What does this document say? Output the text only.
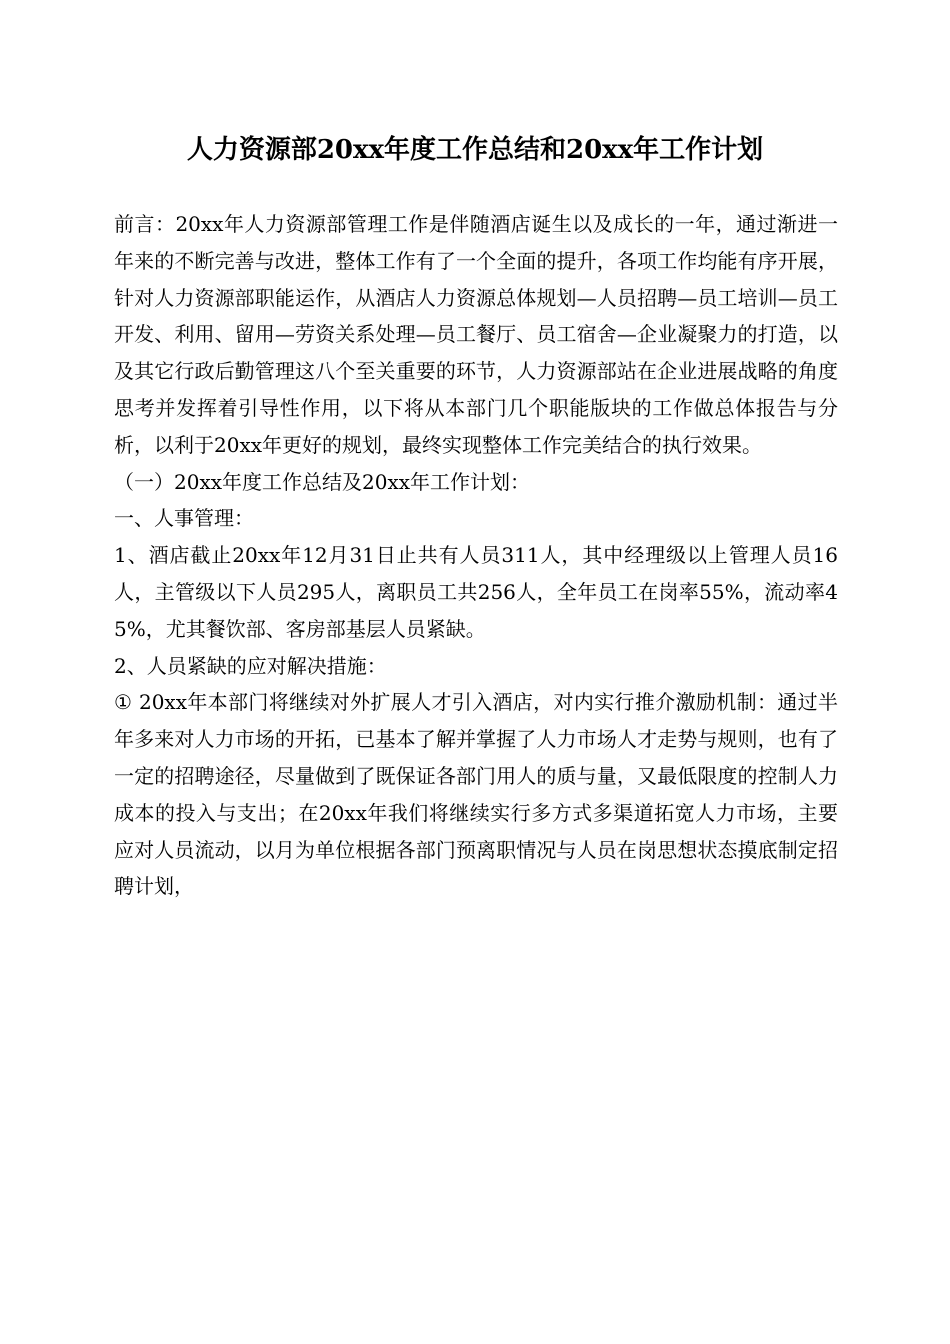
人力资源部20xx年度工作总结和20xx年工作计划

前言：20xx年人力资源部管理工作是伴随酒店诞生以及成长的一年，通过渐进一年来的不断完善与改进，整体工作有了一个全面的提升，各项工作均能有序开展，针对人力资源部职能运作，从酒店人力资源总体规划—人员招聘—员工培训—员工开发、利用、留用—劳资关系处理—员工餐厅、员工宿舍—企业凝聚力的打造，以及其它行政后勤管理这八个至关重要的环节，人力资源部站在企业进展战略的角度思考并发挥着引导性作用，以下将从本部门几个职能版块的工作做总体报告与分析，以利于20xx年更好的规划，最终实现整体工作完美结合的执行效果。

（一）20xx年度工作总结及20xx年工作计划：

一、人事管理：

1、酒店截止20xx年12月31日止共有人员311人，其中经理级以上管理人员16人，主管级以下人员295人，离职员工共256人，全年员工在岗率55%，流动率45%，尤其餐饮部、客房部基层人员紧缺。

2、人员紧缺的应对解决措施：

① 20xx年本部门将继续对外扩展人才引入酒店，对内实行推介激励机制：通过半年多来对人力市场的开拓，已基本了解并掌握了人力市场人才走势与规则，也有了一定的招聘途径，尽量做到了既保证各部门用人的质与量，又最低限度的控制人力成本的投入与支出；在20xx年我们将继续实行多方式多渠道拓宽人力市场，主要应对人员流动，以月为单位根据各部门预离职情况与人员在岗思想状态摸底制定招聘计划，
